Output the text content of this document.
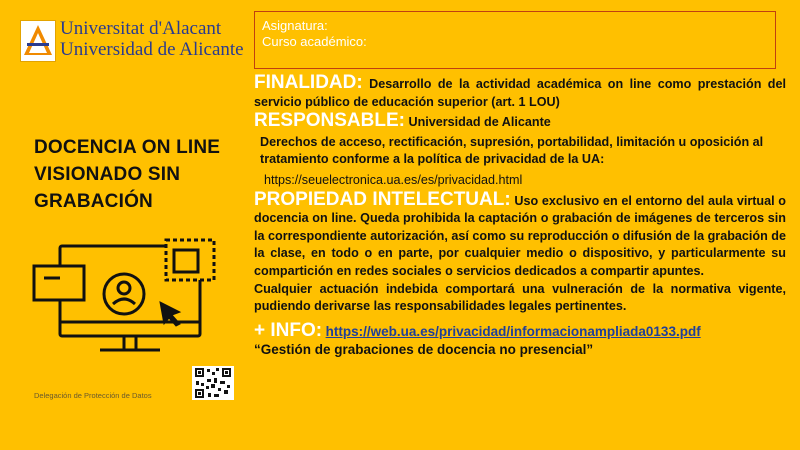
Universitat d'Alacant
Universidad de Alicante
Asignatura:
Curso académico:
DOCENCIA ON LINE
VISIONADO SIN
GRABACIÓN
Delegación de Protección de Datos

FINALIDAD: Desarrollo de la actividad académica on line como prestación del servicio público de educación superior (art. 1 LOU)

RESPONSABLE: Universidad de Alicante

Derechos de acceso, rectificación, supresión, portabilidad, limitación u oposición al tratamiento conforme a la política de privacidad de la UA:

https://seuelectronica.ua.es/es/privacidad.html

PROPIEDAD INTELECTUAL: Uso exclusivo en el entorno del aula virtual o docencia on line. Queda prohibida la captación o grabación de imágenes de terceros sin la correspondiente autorización, así como su reproducción o difusión de la grabación de la clase, en todo o en parte, por cualquier medio o dispositivo, y particularmente su compartición en redes sociales o servicios dedicados a compartir apuntes.

Cualquier actuación indebida comportará una vulneración de la normativa vigente, pudiendo derivarse las responsabilidades legales pertinentes.

+ INFO: https://web.ua.es/privacidad/informacionampliada0133.pdf

“Gestión de grabaciones de docencia no presencial”
